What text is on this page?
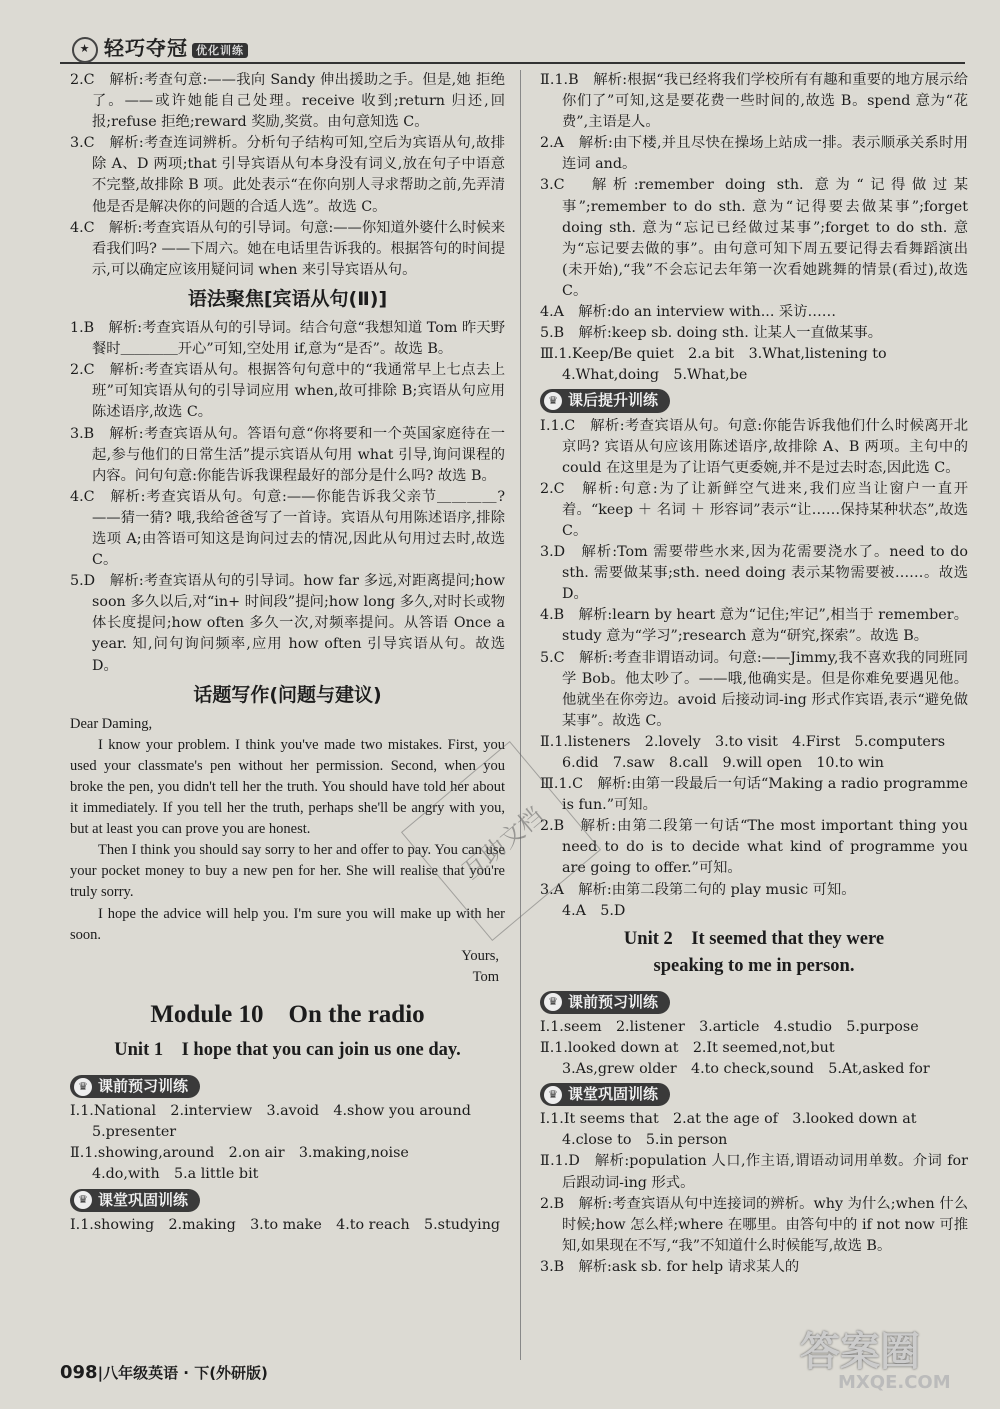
★ 轻巧夺冠 优化训练

2.C　解析:考查句意:——我向 Sandy 伸出援助之手。但是,她 拒绝了。——或许她能自己处理。receive 收到;return 归还,回报;refuse 拒绝;reward 奖励,奖赏。由句意知选 C。

3.C　解析:考查连词辨析。分析句子结构可知,空后为宾语从句,故排除 A、D 两项;that 引导宾语从句本身没有词义,放在句子中语意不完整,故排除 B 项。此处表示“在你向别人寻求帮助之前,先弄清他是否是解决你的问题的合适人选”。故选 C。

4.C　解析:考查宾语从句的引导词。句意:——你知道外婆什么时候来看我们吗? ——下周六。她在电话里告诉我的。根据答句的时间提示,可以确定应该用疑问词 when 来引导宾语从句。

语法聚焦[宾语从句(Ⅱ)]

1.B　解析:考查宾语从句的引导词。结合句意“我想知道 Tom 昨天野餐时＿＿＿＿开心”可知,空处用 if,意为“是否”。故选 B。

2.C　解析:考查宾语从句。根据答句句意中的“我通常早上七点去上班”可知宾语从句的引导词应用 when,故可排除 B;宾语从句应用陈述语序,故选 C。

3.B　解析:考查宾语从句。答语句意“你将要和一个英国家庭待在一起,参与他们的日常生活”提示宾语从句用 what 引导,询问课程的内容。问句句意:你能告诉我课程最好的部分是什么吗? 故选 B。

4.C　解析:考查宾语从句。句意:——你能告诉我父亲节＿＿＿＿? ——猜一猜? 哦,我给爸爸写了一首诗。宾语从句用陈述语序,排除选项 A;由答语可知这是询问过去的情况,因此从句用过去时,故选 C。

5.D　解析:考查宾语从句的引导词。how far 多远,对距离提问;how soon 多久以后,对“in+ 时间段”提问;how long 多久,对时长或物体长度提问;how often 多久一次,对频率提问。从答语 Once a year. 知,问句询问频率,应用 how often 引导宾语从句。故选 D。

话题写作(问题与建议)

Dear Daming,

I know your problem. I think you've made two mistakes. First, you used your classmate's pen without her permission. Second, when you broke the pen, you didn't tell her the truth. You should have told her about it immediately. If you tell her the truth, perhaps she'll be angry with you, but at least you can prove you are honest.

Then I think you should say sorry to her and offer to pay. You can use your pocket money to buy a new pen for her. She will realise that you're truly sorry.

I hope the advice will help you. I'm sure you will make up with her soon.

Yours,

Tom

Module 10　On the radio
Unit 1　I hope that you can join us one day.
♛ 课前预习训练

Ⅰ.1.National　2.interview　3.avoid　4.show you around

5.presenter

Ⅱ.1.showing,around　2.on air　3.making,noise

4.do,with　5.a little bit

♛ 课堂巩固训练

Ⅰ.1.showing　2.making　3.to make　4.to reach　5.studying

Ⅱ.1.B　解析:根据“我已经将我们学校所有有趣和重要的地方展示给你们了”可知,这是要花费一些时间的,故选 B。spend 意为“花费”,主语是人。

2.A　解析:由下楼,并且尽快在操场上站成一排。表示顺承关系时用连词 and。

3.C　解析:remember doing sth. 意为“记得做过某事”;remember to do sth. 意为“记得要去做某事”;forget doing sth. 意为“忘记已经做过某事”;forget to do sth. 意为“忘记要去做的事”。由句意可知下周五要记得去看舞蹈演出(未开始),“我”不会忘记去年第一次看她跳舞的情景(看过),故选 C。

4.A　解析:do an interview with... 采访……

5.B　解析:keep sb. doing sth. 让某人一直做某事。

Ⅲ.1.Keep/Be quiet　2.a bit　3.What,listening to

4.What,doing　5.What,be

♛ 课后提升训练

Ⅰ.1.C　解析:考查宾语从句。句意:你能告诉我他们什么时候离开北京吗? 宾语从句应该用陈述语序,故排除 A、B 两项。主句中的 could 在这里是为了让语气更委婉,并不是过去时态,因此选 C。

2.C　解析:句意:为了让新鲜空气进来,我们应当让窗户一直开着。“keep ＋ 名词 ＋ 形容词”表示“让……保持某种状态”,故选 C。

3.D　解析:Tom 需要带些水来,因为花需要浇水了。need to do sth. 需要做某事;sth. need doing 表示某物需要被……。故选 D。

4.B　解析:learn by heart 意为“记住;牢记”,相当于 remember。study 意为“学习”;research 意为“研究,探索”。故选 B。

5.C　解析:考查非谓语动词。句意:——Jimmy,我不喜欢我的同班同学 Bob。他太吵了。——哦,他确实是。但是你难免要遇见他。他就坐在你旁边。avoid 后接动词-ing 形式作宾语,表示“避免做某事”。故选 C。

Ⅱ.1.listeners　2.lovely　3.to visit　4.First　5.computers

6.did　7.saw　8.call　9.will open　10.to win

Ⅲ.1.C　解析:由第一段最后一句话“Making a radio programme is fun.”可知。

2.B　解析:由第二段第一句话“The most important thing you need to do is to decide what kind of programme you are going to offer.”可知。

3.A　解析:由第二段第二句的 play music 可知。

4.A　5.D

Unit 2　It seemed that they were
speaking to me in person.
♛ 课前预习训练

Ⅰ.1.seem　2.listener　3.article　4.studio　5.purpose

Ⅱ.1.looked down at　2.It seemed,not,but

3.As,grew older　4.to check,sound　5.At,asked for

♛ 课堂巩固训练

Ⅰ.1.It seems that　2.at the age of　3.looked down at

4.close to　5.in person

Ⅱ.1.D　解析:population 人口,作主语,谓语动词用单数。介词 for 后跟动词-ing 形式。

2.B　解析:考查宾语从句中连接词的辨析。why 为什么;when 什么时候;how 怎么样;where 在哪里。由答句中的 if not now 可推知,如果现在不写,“我”不知道什么时候能写,故选 B。

3.B　解析:ask sb. for help 请求某人的

互助文档
098|八年级英语 · 下(外研版)	答案圈
MXQE.COM
